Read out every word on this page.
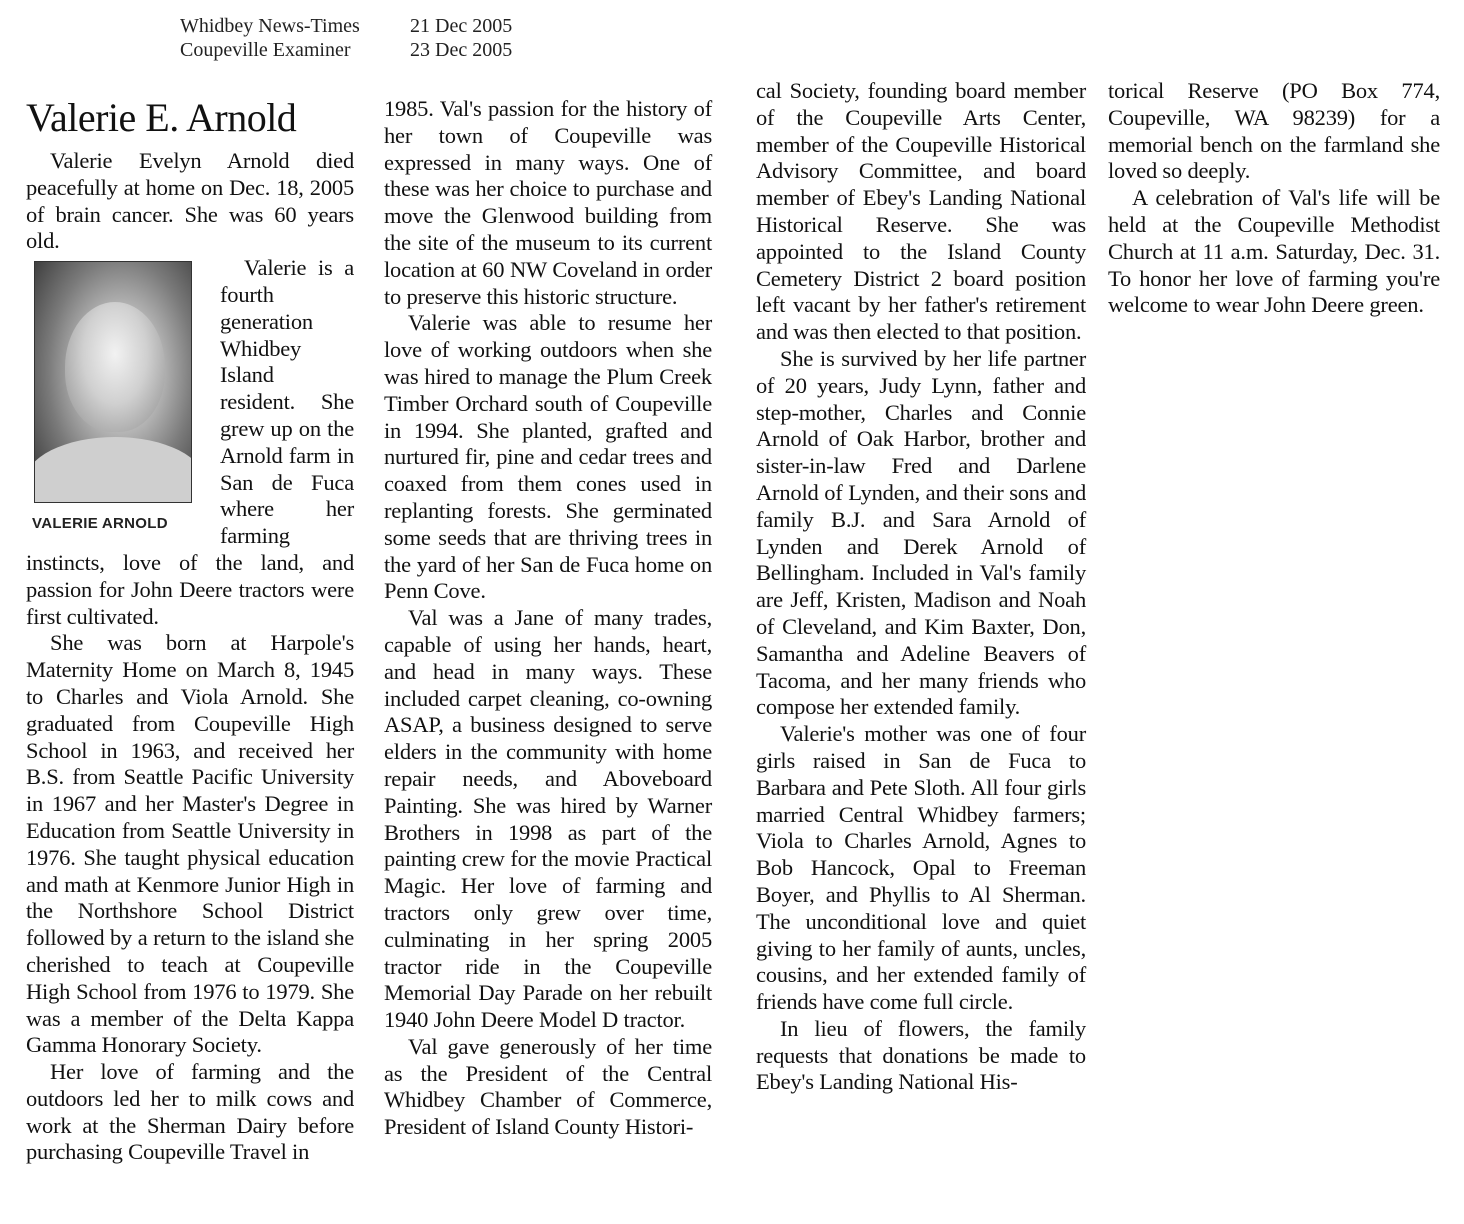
Whidbey News-Times	21 Dec 2005
Coupeville Examiner	23 Dec 2005
Valerie E. Arnold

Valerie Evelyn Arnold died peacefully at home on Dec. 18, 2005 of brain cancer. She was 60 years old.

VALERIE ARNOLD

Valerie is a fourth generation Whidbey Island resident. She grew up on the Arnold farm in San de Fuca where her farming instincts, love of the land, and passion for John Deere tractors were first cultivated.

She was born at Harpole's Maternity Home on March 8, 1945 to Charles and Viola Arnold. She graduated from Coupeville High School in 1963, and received her B.S. from Seattle Pacific University in 1967 and her Master's Degree in Education from Seattle University in 1976. She taught physical education and math at Kenmore Junior High in the Northshore School District followed by a return to the island she cherished to teach at Coupeville High School from 1976 to 1979. She was a member of the Delta Kappa Gamma Honorary Society.

Her love of farming and the outdoors led her to milk cows and work at the Sherman Dairy before purchasing Coupeville Travel in

1985. Val's passion for the history of her town of Coupeville was expressed in many ways. One of these was her choice to purchase and move the Glenwood building from the site of the museum to its current location at 60 NW Coveland in order to preserve this historic structure.

Valerie was able to resume her love of working outdoors when she was hired to manage the Plum Creek Timber Orchard south of Coupeville in 1994. She planted, grafted and nurtured fir, pine and cedar trees and coaxed from them cones used in replanting forests. She germinated some seeds that are thriving trees in the yard of her San de Fuca home on Penn Cove.

Val was a Jane of many trades, capable of using her hands, heart, and head in many ways. These included carpet cleaning, co-owning ASAP, a business designed to serve elders in the community with home repair needs, and Aboveboard Painting. She was hired by Warner Brothers in 1998 as part of the painting crew for the movie Practical Magic. Her love of farming and tractors only grew over time, culminating in her spring 2005 tractor ride in the Coupeville Memorial Day Parade on her rebuilt 1940 John Deere Model D tractor.

Val gave generously of her time as the President of the Central Whidbey Chamber of Commerce, President of Island County Histori-

cal Society, founding board member of the Coupeville Arts Center, member of the Coupeville Historical Advisory Committee, and board member of Ebey's Landing National Historical Reserve. She was appointed to the Island County Cemetery District 2 board position left vacant by her father's retirement and was then elected to that position.

She is survived by her life partner of 20 years, Judy Lynn, father and step-mother, Charles and Connie Arnold of Oak Harbor, brother and sister-in-law Fred and Darlene Arnold of Lynden, and their sons and family B.J. and Sara Arnold of Lynden and Derek Arnold of Bellingham. Included in Val's family are Jeff, Kristen, Madison and Noah of Cleveland, and Kim Baxter, Don, Samantha and Adeline Beavers of Tacoma, and her many friends who compose her extended family.

Valerie's mother was one of four girls raised in San de Fuca to Barbara and Pete Sloth. All four girls married Central Whidbey farmers; Viola to Charles Arnold, Agnes to Bob Hancock, Opal to Freeman Boyer, and Phyllis to Al Sherman. The unconditional love and quiet giving to her family of aunts, uncles, cousins, and her extended family of friends have come full circle.

In lieu of flowers, the family requests that donations be made to Ebey's Landing National His-

torical Reserve (PO Box 774, Coupeville, WA 98239) for a memorial bench on the farmland she loved so deeply.

A celebration of Val's life will be held at the Coupeville Methodist Church at 11 a.m. Saturday, Dec. 31. To honor her love of farming you're welcome to wear John Deere green.
